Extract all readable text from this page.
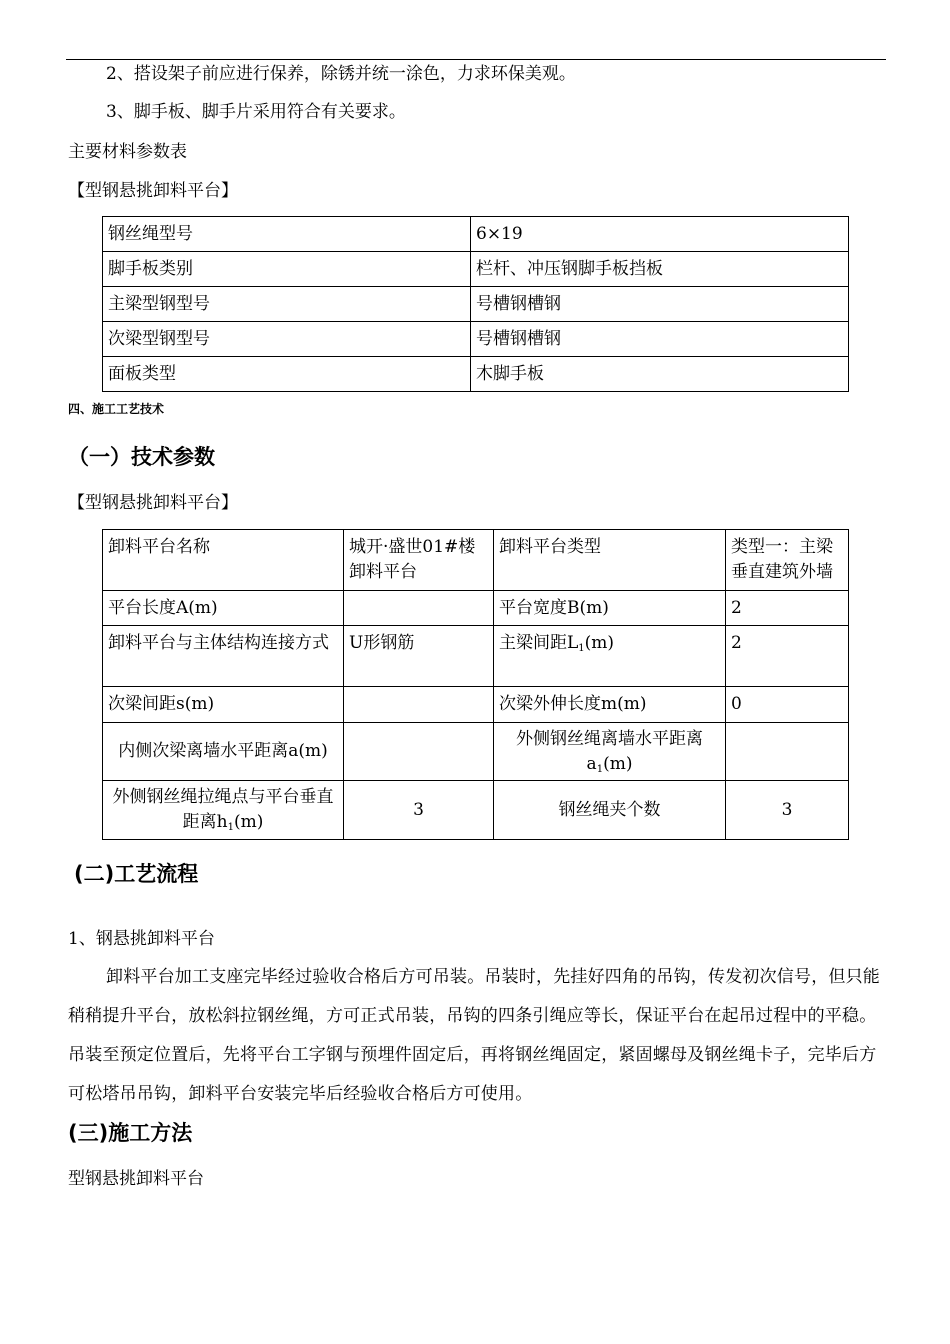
2、搭设架子前应进行保养，除锈并统一涂色，力求环保美观。
3、脚手板、脚手片采用符合有关要求。
主要材料参数表
【型钢悬挑卸料平台】
钢丝绳型号	6×19
脚手板类别	栏杆、冲压钢脚手板挡板
主梁型钢型号	号槽钢槽钢
次梁型钢型号	号槽钢槽钢
面板类型	木脚手板
四、施工工艺技术
（一）技术参数
【型钢悬挑卸料平台】
卸料平台名称	城开·盛世01#楼卸料平台	卸料平台类型	类型一：主梁垂直建筑外墙
平台长度A(m)		平台宽度B(m)	2
卸料平台与主体结构连接方式	U形钢筋	主梁间距$L_1(m)$	2
次梁间距s(m)		次梁外伸长度m(m)	0
内侧次梁离墙水平距离a(m)		外侧钢丝绳离墙水平距离$a_1(m)$	
外侧钢丝绳拉绳点与平台垂直距离$h_1(m)$	3	钢丝绳夹个数	3
(二)工艺流程
1、钢悬挑卸料平台
卸料平台加工支座完毕经过验收合格后方可吊装。吊装时，先挂好四角的吊钩，传发初次信号，但只能稍稍提升平台，放松斜拉钢丝绳，方可正式吊装，吊钩的四条引绳应等长，保证平台在起吊过程中的平稳。吊装至预定位置后，先将平台工字钢与预埋件固定后，再将钢丝绳固定，紧固螺母及钢丝绳卡子，完毕后方可松塔吊吊钩，卸料平台安装完毕后经验收合格后方可使用。
(三)施工方法
型钢悬挑卸料平台
